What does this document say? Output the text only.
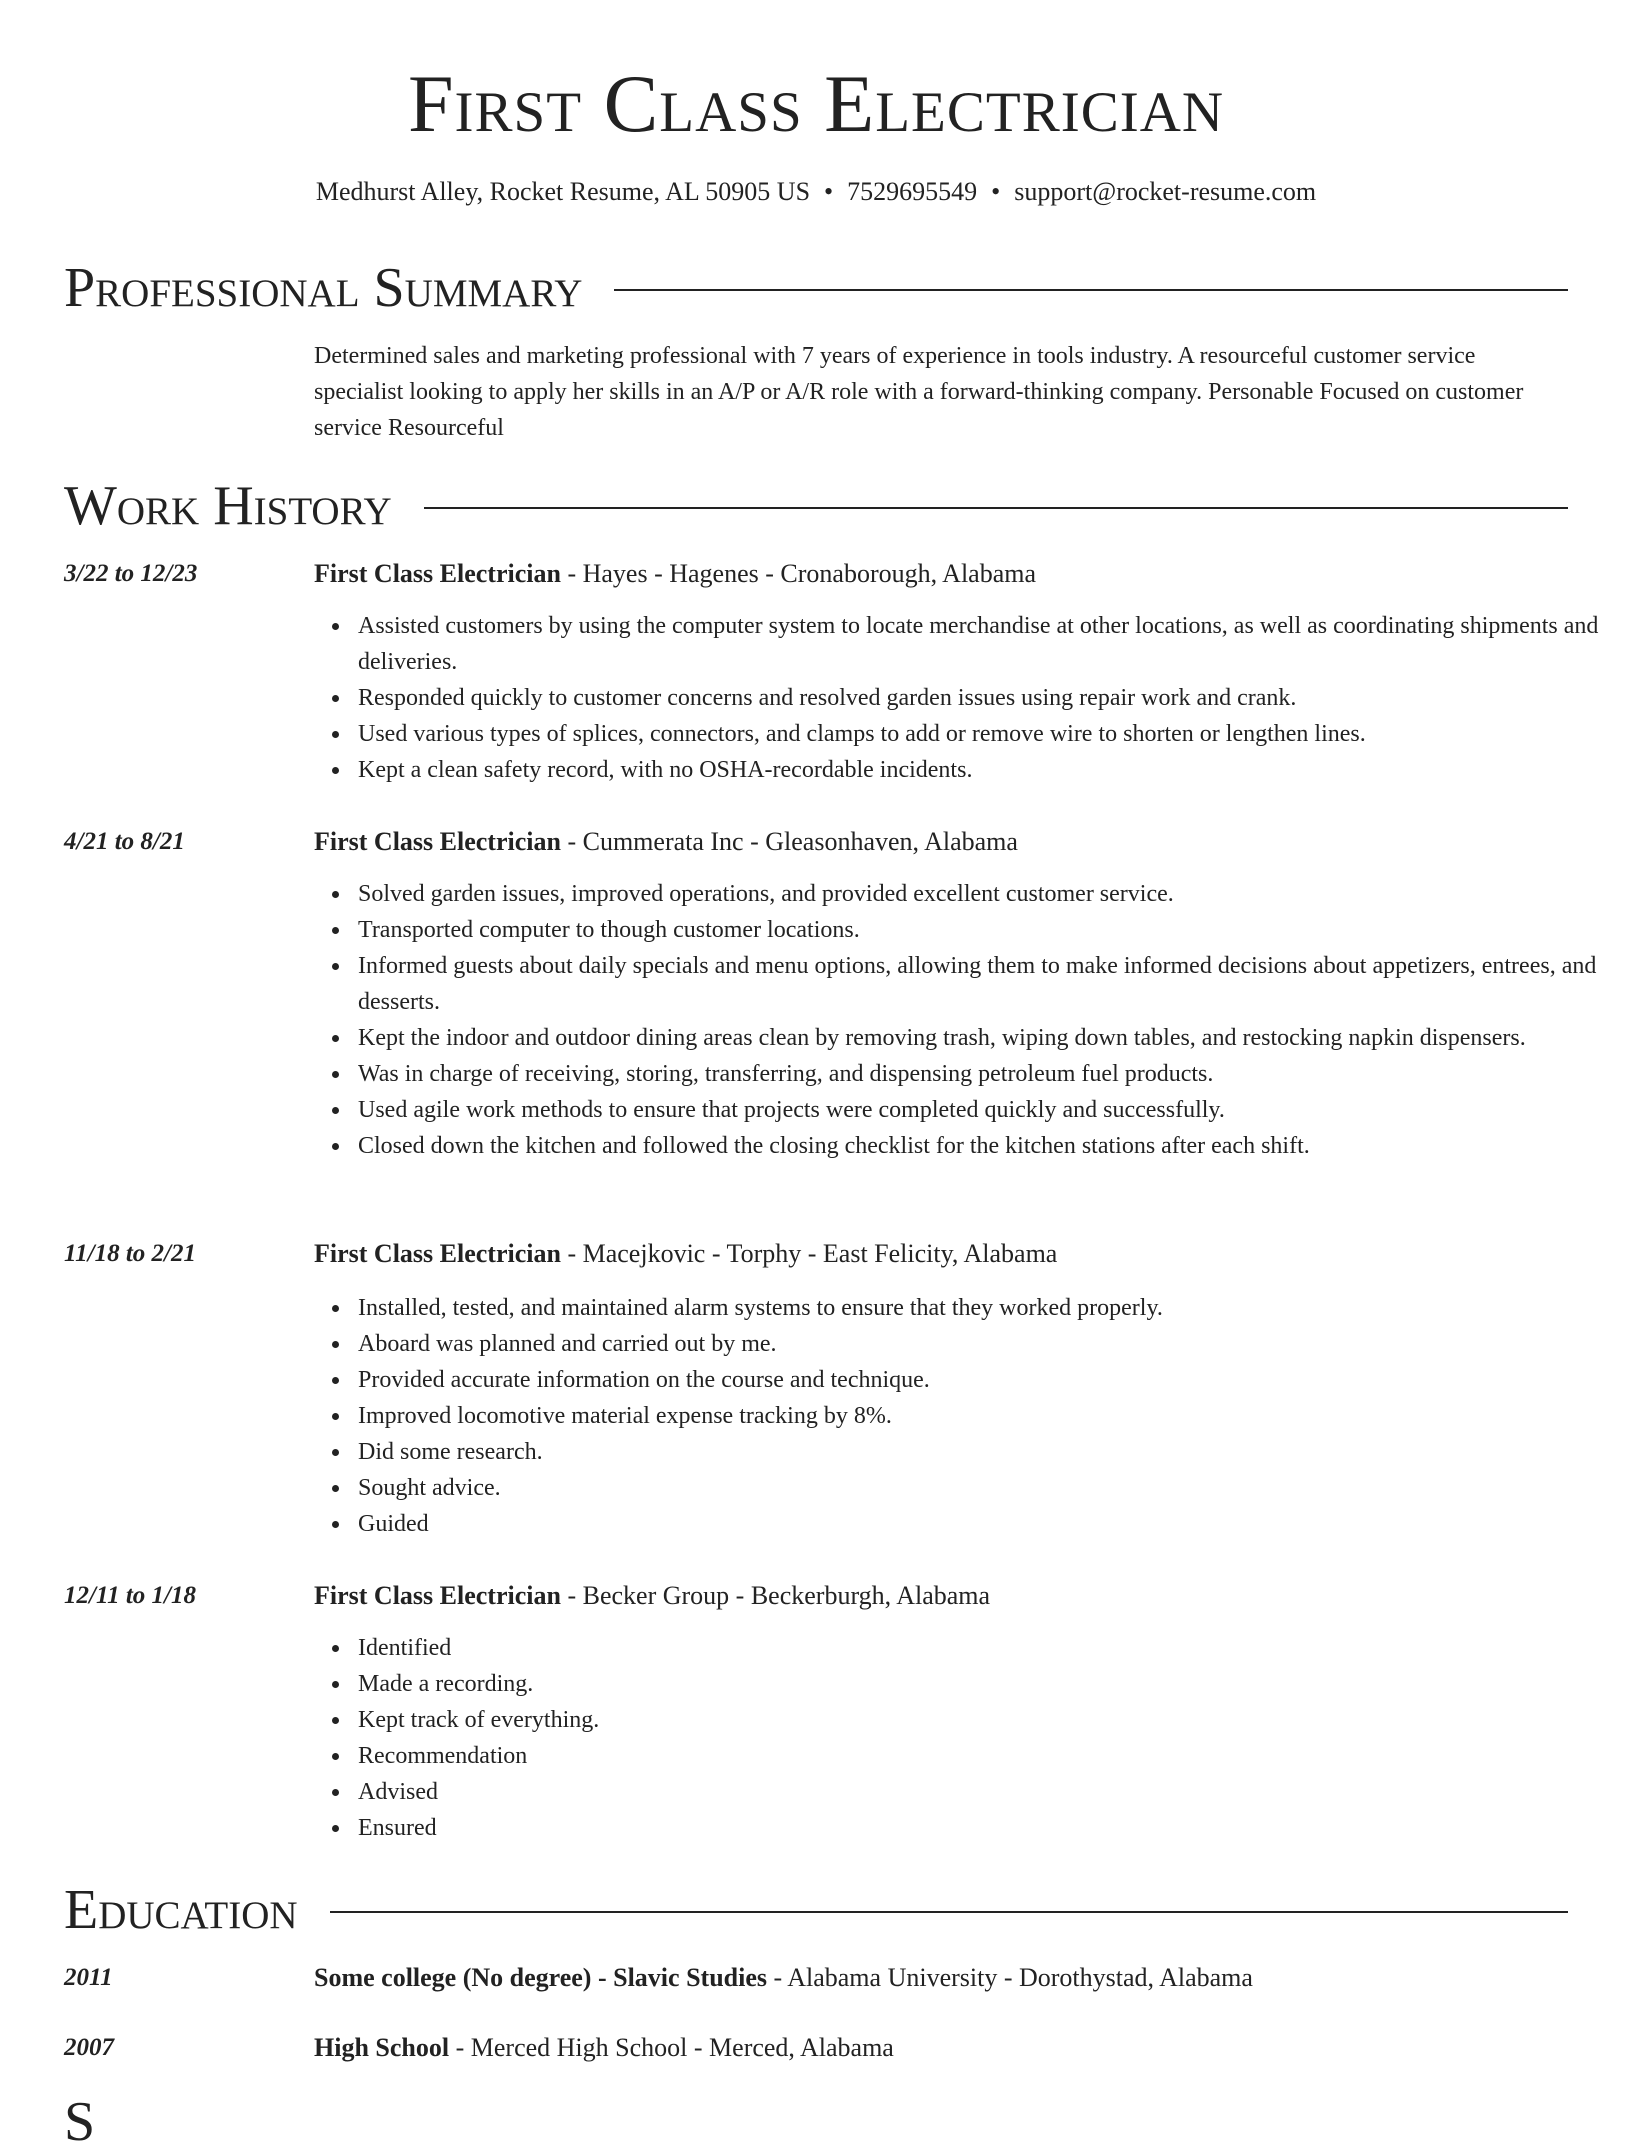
First Class Electrician
Medhurst Alley, Rocket Resume, AL 50905 US • 7529695549 • support@rocket-resume.com
Professional Summary
Determined sales and marketing professional with 7 years of experience in tools industry. A resourceful customer service specialist looking to apply her skills in an A/P or A/R role with a forward-thinking company. Personable Focused on customer service Resourceful
Work History
3/22 to 12/23	First Class Electrician - Hayes - Hagenes - Cronaborough, Alabama
Assisted customers by using the computer system to locate merchandise at other locations, as well as coordinating shipments and deliveries.
Responded quickly to customer concerns and resolved garden issues using repair work and crank.
Used various types of splices, connectors, and clamps to add or remove wire to shorten or lengthen lines.
Kept a clean safety record, with no OSHA-recordable incidents.
4/21 to 8/21	First Class Electrician - Cummerata Inc - Gleasonhaven, Alabama
Solved garden issues, improved operations, and provided excellent customer service.
Transported computer to though customer locations.
Informed guests about daily specials and menu options, allowing them to make informed decisions about appetizers, entrees, and desserts.
Kept the indoor and outdoor dining areas clean by removing trash, wiping down tables, and restocking napkin dispensers.
Was in charge of receiving, storing, transferring, and dispensing petroleum fuel products.
Used agile work methods to ensure that projects were completed quickly and successfully.
Closed down the kitchen and followed the closing checklist for the kitchen stations after each shift.
11/18 to 2/21	First Class Electrician - Macejkovic - Torphy - East Felicity, Alabama
Installed, tested, and maintained alarm systems to ensure that they worked properly.
Aboard was planned and carried out by me.
Provided accurate information on the course and technique.
Improved locomotive material expense tracking by 8%.
Did some research.
Sought advice.
Guided
12/11 to 1/18	First Class Electrician - Becker Group - Beckerburgh, Alabama
Identified
Made a recording.
Kept track of everything.
Recommendation
Advised
Ensured
Education
2011	Some college (No degree) - Slavic Studies - Alabama University - Dorothystad, Alabama
2007	High School - Merced High School - Merced, Alabama
S
